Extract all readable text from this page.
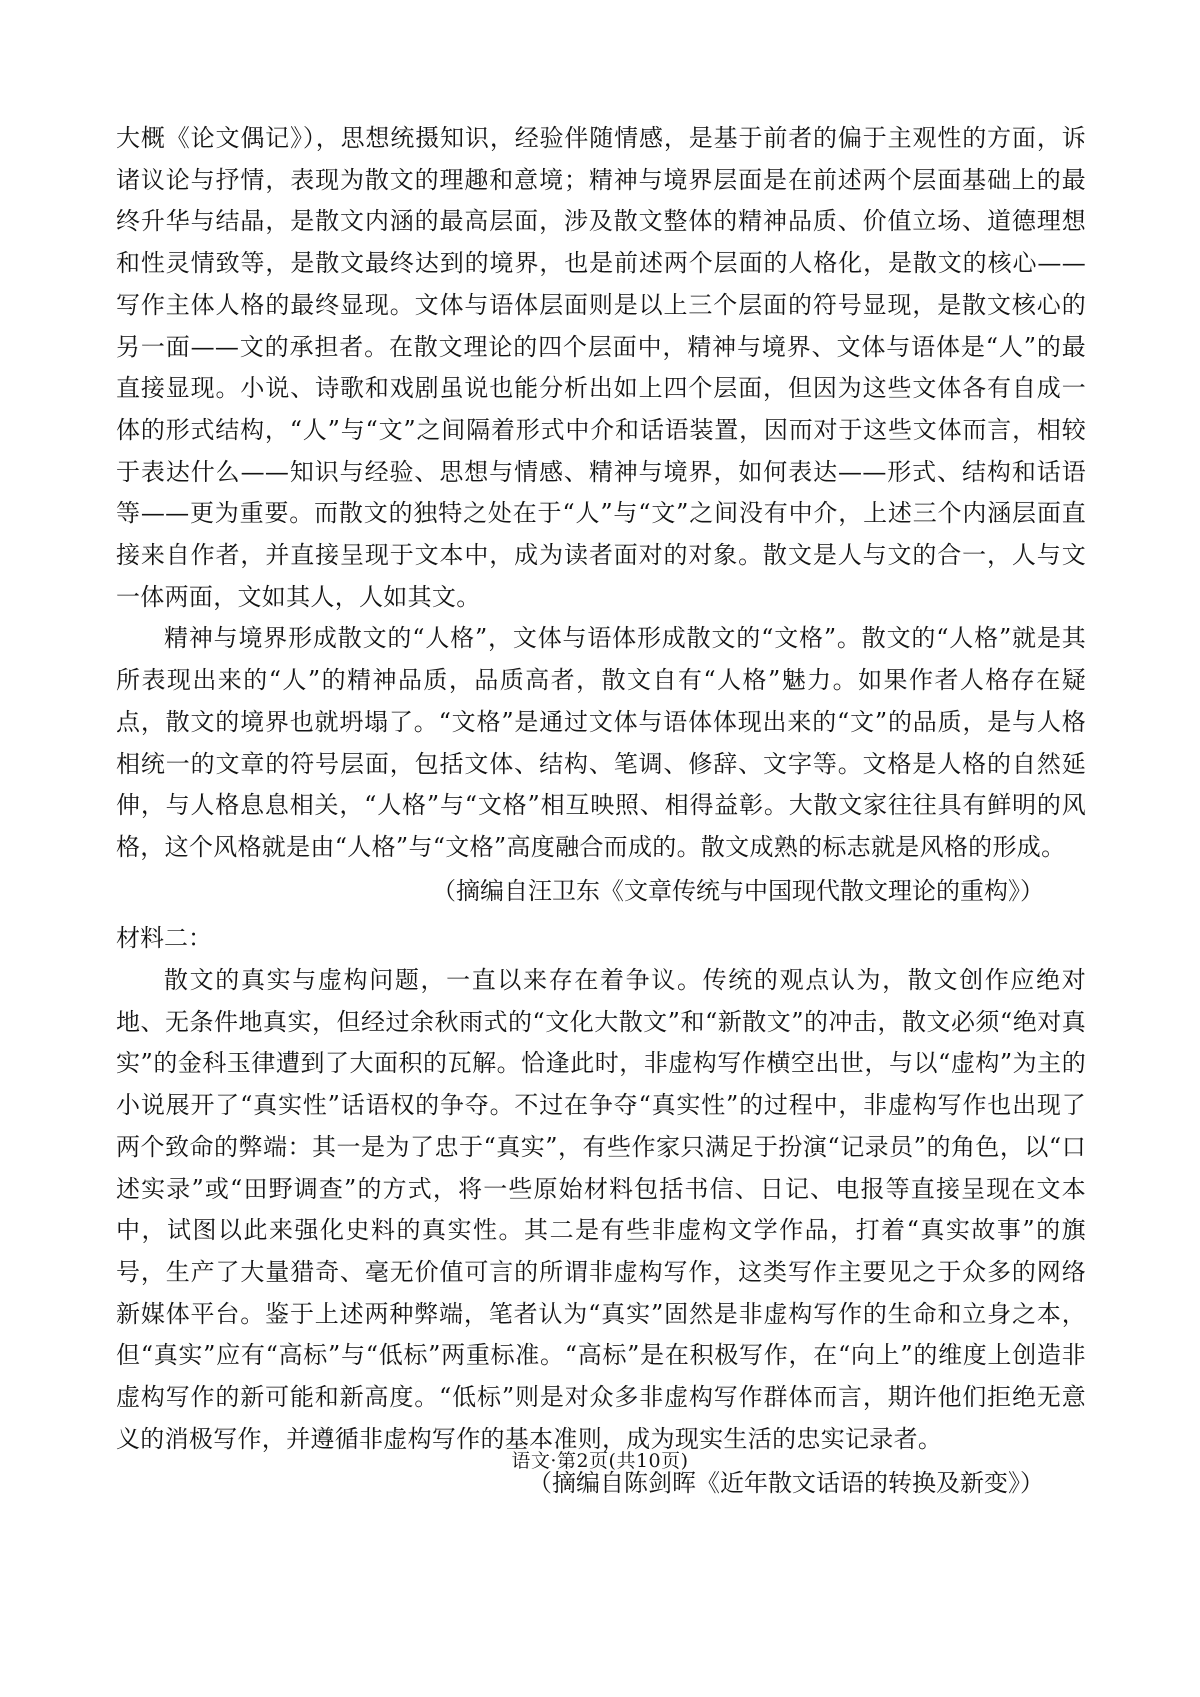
大概《论文偶记》），思想统摄知识，经验伴随情感，是基于前者的偏于主观性的方面，诉诸议论与抒情，表现为散文的理趣和意境；精神与境界层面是在前述两个层面基础上的最终升华与结晶，是散文内涵的最高层面，涉及散文整体的精神品质、价值立场、道德理想和性灵情致等，是散文最终达到的境界，也是前述两个层面的人格化，是散文的核心——写作主体人格的最终显现。文体与语体层面则是以上三个层面的符号显现，是散文核心的另一面——文的承担者。在散文理论的四个层面中，精神与境界、文体与语体是“人”的最直接显现。小说、诗歌和戏剧虽说也能分析出如上四个层面，但因为这些文体各有自成一体的形式结构，“人”与“文”之间隔着形式中介和话语装置，因而对于这些文体而言，相较于表达什么——知识与经验、思想与情感、精神与境界，如何表达——形式、结构和话语等——更为重要。而散文的独特之处在于“人”与“文”之间没有中介，上述三个内涵层面直接来自作者，并直接呈现于文本中，成为读者面对的对象。散文是人与文的合一，人与文一体两面，文如其人，人如其文。

精神与境界形成散文的“人格”，文体与语体形成散文的“文格”。散文的“人格”就是其所表现出来的“人”的精神品质，品质高者，散文自有“人格”魅力。如果作者人格存在疑点，散文的境界也就坍塌了。“文格”是通过文体与语体体现出来的“文”的品质，是与人格相统一的文章的符号层面，包括文体、结构、笔调、修辞、文字等。文格是人格的自然延伸，与人格息息相关，“人格”与“文格”相互映照、相得益彰。大散文家往往具有鲜明的风格，这个风格就是由“人格”与“文格”高度融合而成的。散文成熟的标志就是风格的形成。

（摘编自汪卫东《文章传统与中国现代散文理论的重构》）

材料二：

散文的真实与虚构问题，一直以来存在着争议。传统的观点认为，散文创作应绝对地、无条件地真实，但经过余秋雨式的“文化大散文”和“新散文”的冲击，散文必须“绝对真实”的金科玉律遭到了大面积的瓦解。恰逢此时，非虚构写作横空出世，与以“虚构”为主的小说展开了“真实性”话语权的争夺。不过在争夺“真实性”的过程中，非虚构写作也出现了两个致命的弊端：其一是为了忠于“真实”，有些作家只满足于扮演“记录员”的角色，以“口述实录”或“田野调查”的方式，将一些原始材料包括书信、日记、电报等直接呈现在文本中，试图以此来强化史料的真实性。其二是有些非虚构文学作品，打着“真实故事”的旗号，生产了大量猎奇、毫无价值可言的所谓非虚构写作，这类写作主要见之于众多的网络新媒体平台。鉴于上述两种弊端，笔者认为“真实”固然是非虚构写作的生命和立身之本，但“真实”应有“高标”与“低标”两重标准。“高标”是在积极写作，在“向上”的维度上创造非虚构写作的新可能和新高度。“低标”则是对众多非虚构写作群体而言，期许他们拒绝无意义的消极写作，并遵循非虚构写作的基本准则，成为现实生活的忠实记录者。

（摘编自陈剑晖《近年散文话语的转换及新变》）

语文·第2页(共10页)
